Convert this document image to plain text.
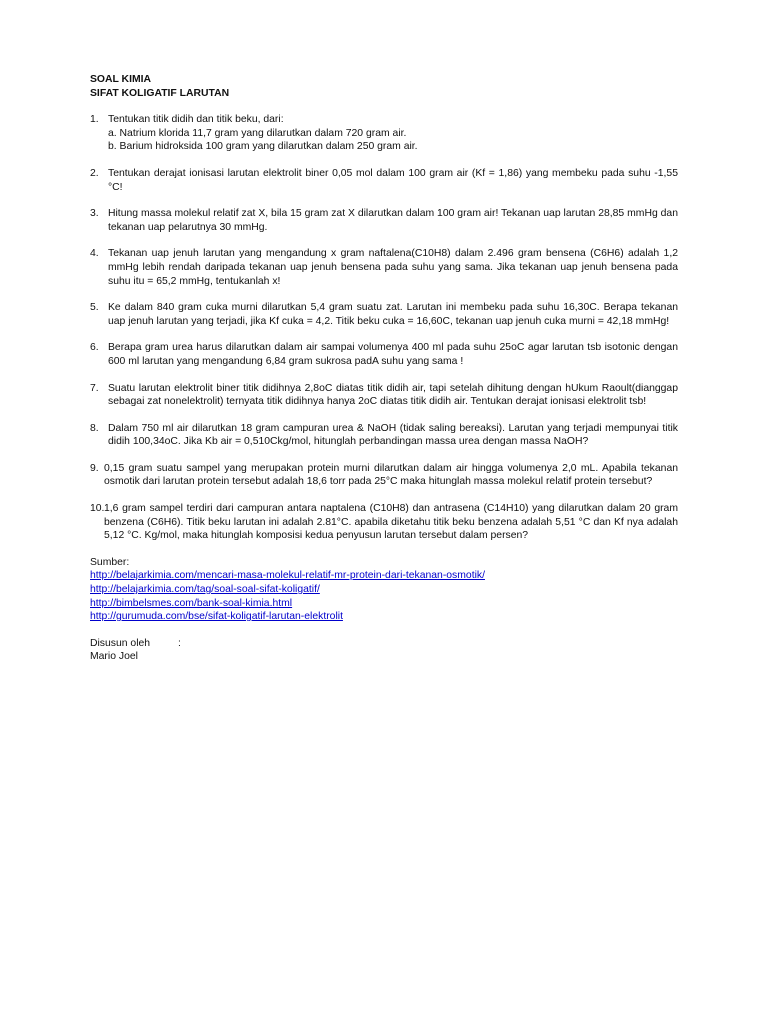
SOAL KIMIA
SIFAT KOLIGATIF LARUTAN
1. Tentukan titik didih dan titik beku, dari:
a. Natrium klorida 11,7 gram yang dilarutkan dalam 720 gram air.
b. Barium hidroksida 100 gram yang dilarutkan dalam 250 gram air.
2. Tentukan derajat ionisasi larutan elektrolit biner 0,05 mol dalam 100 gram air (Kf = 1,86) yang membeku pada suhu -1,55 °C!
3. Hitung massa molekul relatif zat X, bila 15 gram zat X dilarutkan dalam 100 gram air! Tekanan uap larutan 28,85 mmHg dan tekanan uap pelarutnya 30 mmHg.
4. Tekanan uap jenuh larutan yang mengandung x gram naftalena(C10H8) dalam 2.496 gram bensena (C6H6) adalah 1,2 mmHg lebih rendah daripada tekanan uap jenuh bensena pada suhu yang sama. Jika tekanan uap jenuh bensena pada suhu itu = 65,2 mmHg, tentukanlah x!
5. Ke dalam 840 gram cuka murni dilarutkan 5,4 gram suatu zat. Larutan ini membeku pada suhu 16,30C. Berapa tekanan uap jenuh larutan yang terjadi, jika Kf cuka = 4,2. Titik beku cuka = 16,60C, tekanan uap jenuh cuka murni = 42,18 mmHg!
6. Berapa gram urea harus dilarutkan dalam air sampai volumenya 400 ml pada suhu 25oC agar larutan tsb isotonic dengan 600 ml larutan yang mengandung 6,84 gram sukrosa padA suhu yang sama !
7. Suatu larutan elektrolit biner titik didihnya 2,8oC diatas titik didih air, tapi setelah dihitung dengan hUkum Raoult(dianggap sebagai zat nonelektrolit) ternyata titik didihnya hanya 2oC diatas titik didih air. Tentukan derajat ionisasi elektrolit tsb!
8. Dalam 750 ml air dilarutkan 18 gram campuran urea & NaOH (tidak saling bereaksi). Larutan yang terjadi mempunyai titik didih 100,34oC. Jika Kb air = 0,510Ckg/mol, hitunglah perbandingan massa urea dengan massa NaOH?
9. 0,15 gram suatu sampel yang merupakan protein murni dilarutkan dalam air hingga volumenya 2,0 mL. Apabila tekanan osmotik dari larutan protein tersebut adalah 18,6 torr pada 25°C maka hitunglah massa molekul relatif protein tersebut?
10. 1,6 gram sampel terdiri dari campuran antara naptalena (C10H8) dan antrasena (C14H10) yang dilarutkan dalam 20 gram benzena (C6H6). Titik beku larutan ini adalah 2.81°C. apabila diketahu titik beku benzena adalah 5,51 °C dan Kf nya adalah 5,12 °C. Kg/mol, maka hitunglah komposisi kedua penyusun larutan tersebut dalam persen?
Sumber:
http://belajarkimia.com/mencari-masa-molekul-relatif-mr-protein-dari-tekanan-osmotik/
http://belajarkimia.com/tag/soal-soal-sifat-koligatif/
http://bimbelsmes.com/bank-soal-kimia.html
http://gurumuda.com/bse/sifat-koligatif-larutan-elektrolit
Disusun oleh	:
Mario Joel
